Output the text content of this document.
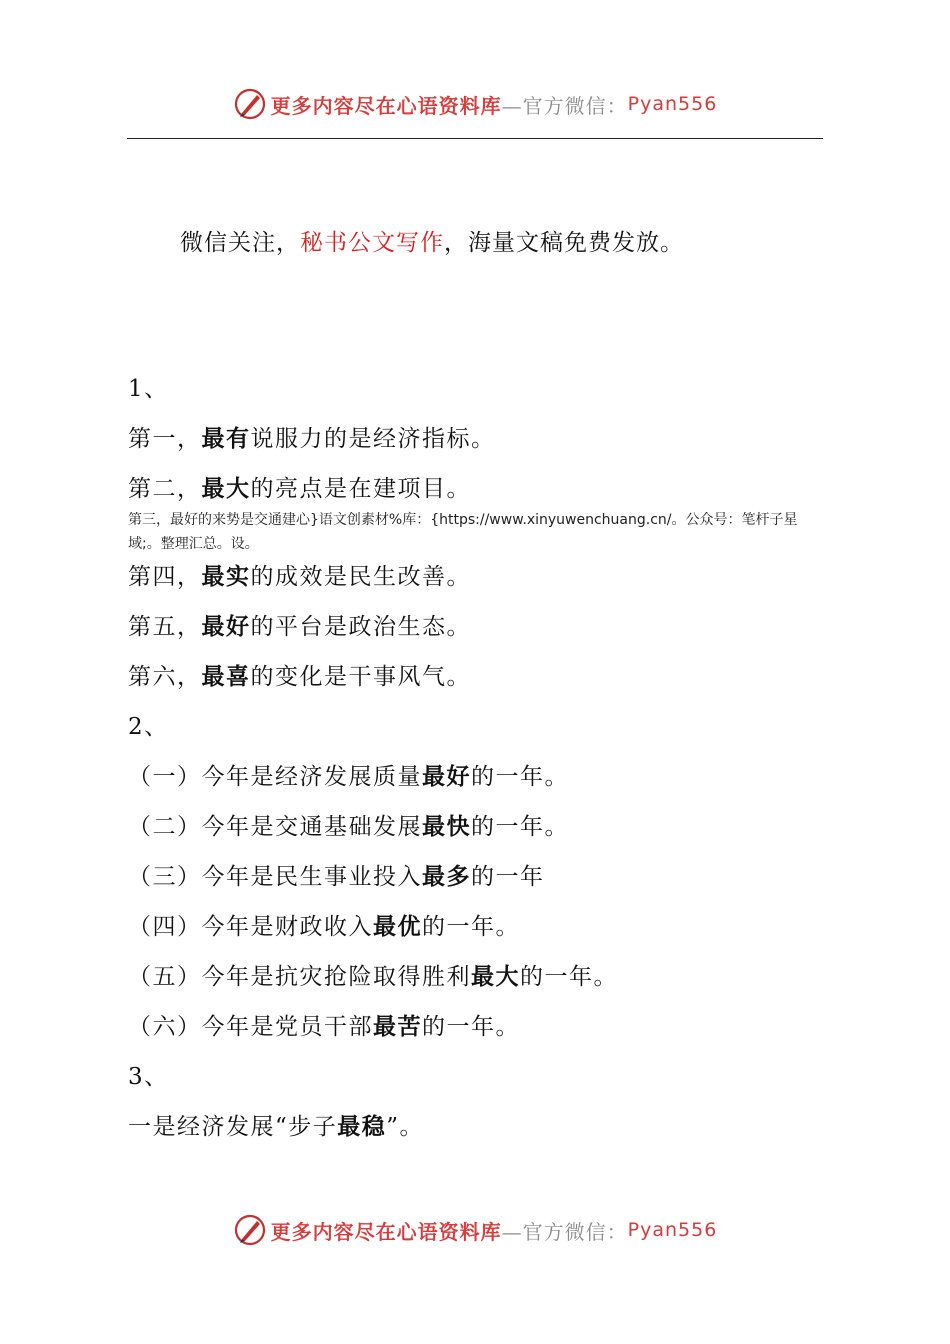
更多内容尽在心语资料库 —官方微信： Pyan556
微信关注，秘书公文写作，海量文稿免费发放。
1、
第一，最有说服力的是经济指标。
第二，最大的亮点是在建项目。
第三，最好的来势是交通建心}语文创素材%库：{https://www.xinyuwenchuang.cn/。公众号：笔杆子星域;。整理汇总。设。
第四，最实的成效是民生改善。
第五，最好的平台是政治生态。
第六，最喜的变化是干事风气。
2、
（一）今年是经济发展质量最好的一年。
（二）今年是交通基础发展最快的一年。
（三）今年是民生事业投入最多的一年
（四）今年是财政收入最优的一年。
（五）今年是抗灾抢险取得胜利最大的一年。
（六）今年是党员干部最苦的一年。
3、
一是经济发展“步子最稳”。
更多内容尽在心语资料库 —官方微信： Pyan556
